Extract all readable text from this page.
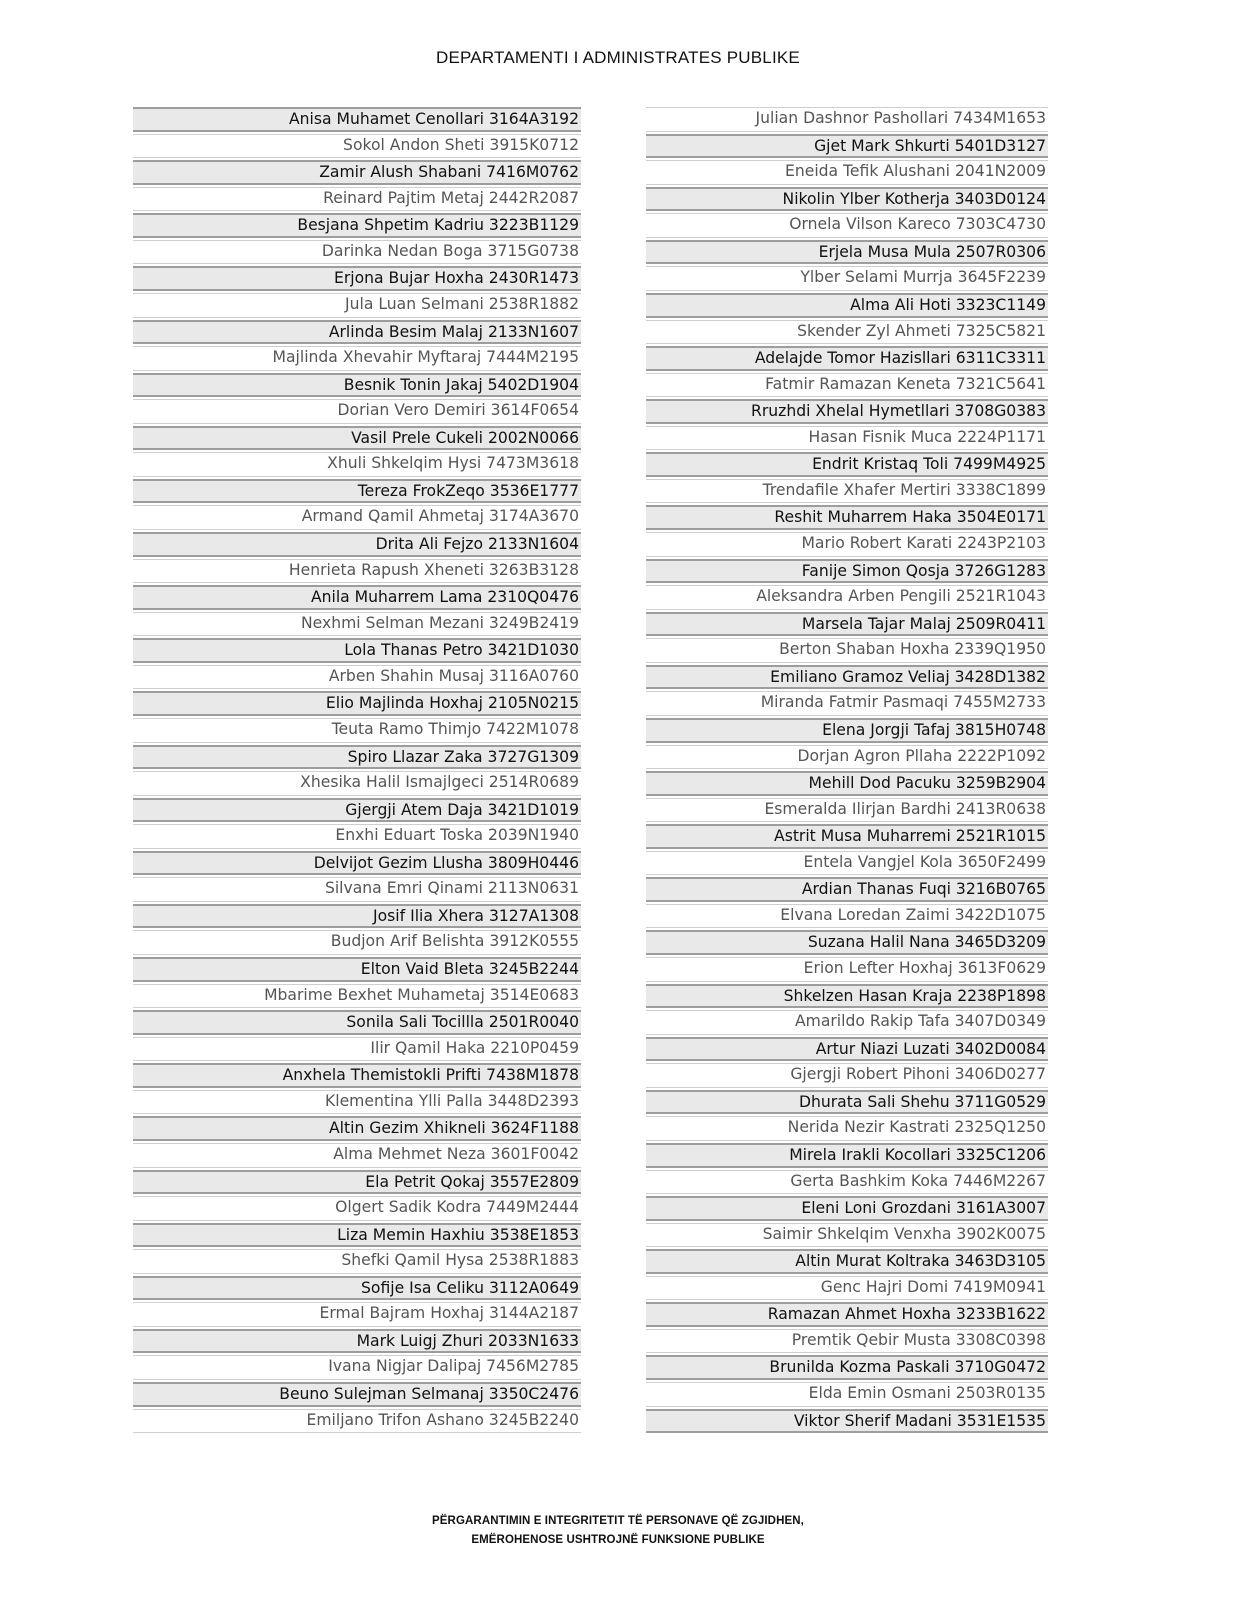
DEPARTAMENTI I ADMINISTRATES PUBLIKE
Anisa Muhamet Cenollari 3164A3192
Sokol Andon Sheti 3915K0712
Zamir Alush Shabani 7416M0762
Reinard Pajtim Metaj 2442R2087
Besjana Shpetim Kadriu 3223B1129
Darinka Nedan Boga 3715G0738
Erjona Bujar Hoxha 2430R1473
Jula Luan Selmani 2538R1882
Arlinda Besim Malaj 2133N1607
Majlinda Xhevahir Myftaraj 7444M2195
Besnik Tonin Jakaj 5402D1904
Dorian Vero Demiri 3614F0654
Vasil Prele Cukeli 2002N0066
Xhuli Shkelqim Hysi 7473M3618
Tereza FrokZeqo 3536E1777
Armand Qamil Ahmetaj 3174A3670
Drita Ali Fejzo 2133N1604
Henrieta Rapush Xheneti 3263B3128
Anila Muharrem Lama 2310Q0476
Nexhmi Selman Mezani 3249B2419
Lola Thanas Petro 3421D1030
Arben Shahin Musaj 3116A0760
Elio Majlinda Hoxhaj 2105N0215
Teuta Ramo Thimjo 7422M1078
Spiro Llazar Zaka 3727G1309
Xhesika Halil Ismajlgeci 2514R0689
Gjergji Atem Daja 3421D1019
Enxhi Eduart Toska 2039N1940
Delvijot Gezim Llusha 3809H0446
Silvana Emri Qinami 2113N0631
Josif Ilia Xhera 3127A1308
Budjon Arif Belishta 3912K0555
Elton Vaid Bleta 3245B2244
Mbarime Bexhet Muhametaj 3514E0683
Sonila Sali Tocillla 2501R0040
Ilir Qamil Haka 2210P0459
Anxhela Themistokli Prifti 7438M1878
Klementina Ylli Palla 3448D2393
Altin Gezim Xhikneli 3624F1188
Alma Mehmet Neza 3601F0042
Ela Petrit Qokaj 3557E2809
Olgert Sadik Kodra 7449M2444
Liza Memin Haxhiu 3538E1853
Shefki Qamil Hysa 2538R1883
Sofije Isa Celiku 3112A0649
Ermal Bajram Hoxhaj 3144A2187
Mark Luigj Zhuri 2033N1633
Ivana Nigjar Dalipaj 7456M2785
Beuno Sulejman Selmanaj 3350C2476
Emiljano Trifon Ashano 3245B2240
Julian Dashnor Pashollari 7434M1653
Gjet Mark Shkurti 5401D3127
Eneida Tefik Alushani 2041N2009
Nikolin Ylber Kotherja 3403D0124
Ornela Vilson Kareco 7303C4730
Erjela Musa Mula 2507R0306
Ylber Selami Murrja 3645F2239
Alma Ali Hoti 3323C1149
Skender Zyl Ahmeti 7325C5821
Adelajde Tomor Hazisllari 6311C3311
Fatmir Ramazan Keneta 7321C5641
Rruzhdi Xhelal Hymetllari 3708G0383
Hasan Fisnik Muca 2224P1171
Endrit Kristaq Toli 7499M4925
Trendafile Xhafer Mertiri 3338C1899
Reshit Muharrem Haka 3504E0171
Mario Robert Karati 2243P2103
Fanije Simon Qosja 3726G1283
Aleksandra Arben Pengili 2521R1043
Marsela Tajar Malaj 2509R0411
Berton Shaban Hoxha 2339Q1950
Emiliano Gramoz Veliaj 3428D1382
Miranda Fatmir Pasmaqi 7455M2733
Elena Jorgji Tafaj 3815H0748
Dorjan Agron Pllaha 2222P1092
Mehill Dod Pacuku 3259B2904
Esmeralda Ilirjan Bardhi 2413R0638
Astrit Musa Muharremi 2521R1015
Entela Vangjel Kola 3650F2499
Ardian Thanas Fuqi 3216B0765
Elvana Loredan Zaimi 3422D1075
Suzana Halil Nana 3465D3209
Erion Lefter Hoxhaj 3613F0629
Shkelzen Hasan Kraja 2238P1898
Amarildo Rakip Tafa 3407D0349
Artur Niazi Luzati 3402D0084
Gjergji Robert Pihoni 3406D0277
Dhurata Sali Shehu 3711G0529
Nerida Nezir Kastrati 2325Q1250
Mirela Irakli Kocollari 3325C1206
Gerta Bashkim Koka 7446M2267
Eleni Loni Grozdani 3161A3007
Saimir Shkelqim Venxha 3902K0075
Altin Murat Koltraka 3463D3105
Genc Hajri Domi 7419M0941
Ramazan Ahmet Hoxha 3233B1622
Premtik Qebir Musta 3308C0398
Brunilda Kozma Paskali 3710G0472
Elda Emin Osmani 2503R0135
Viktor Sherif Madani 3531E1535
PËRGARANTIMIN E INTEGRITETIT TË PERSONAVE QË ZGJIDHEN,
EMËROHENOSE USHTROJNË FUNKSIONE PUBLIKE
